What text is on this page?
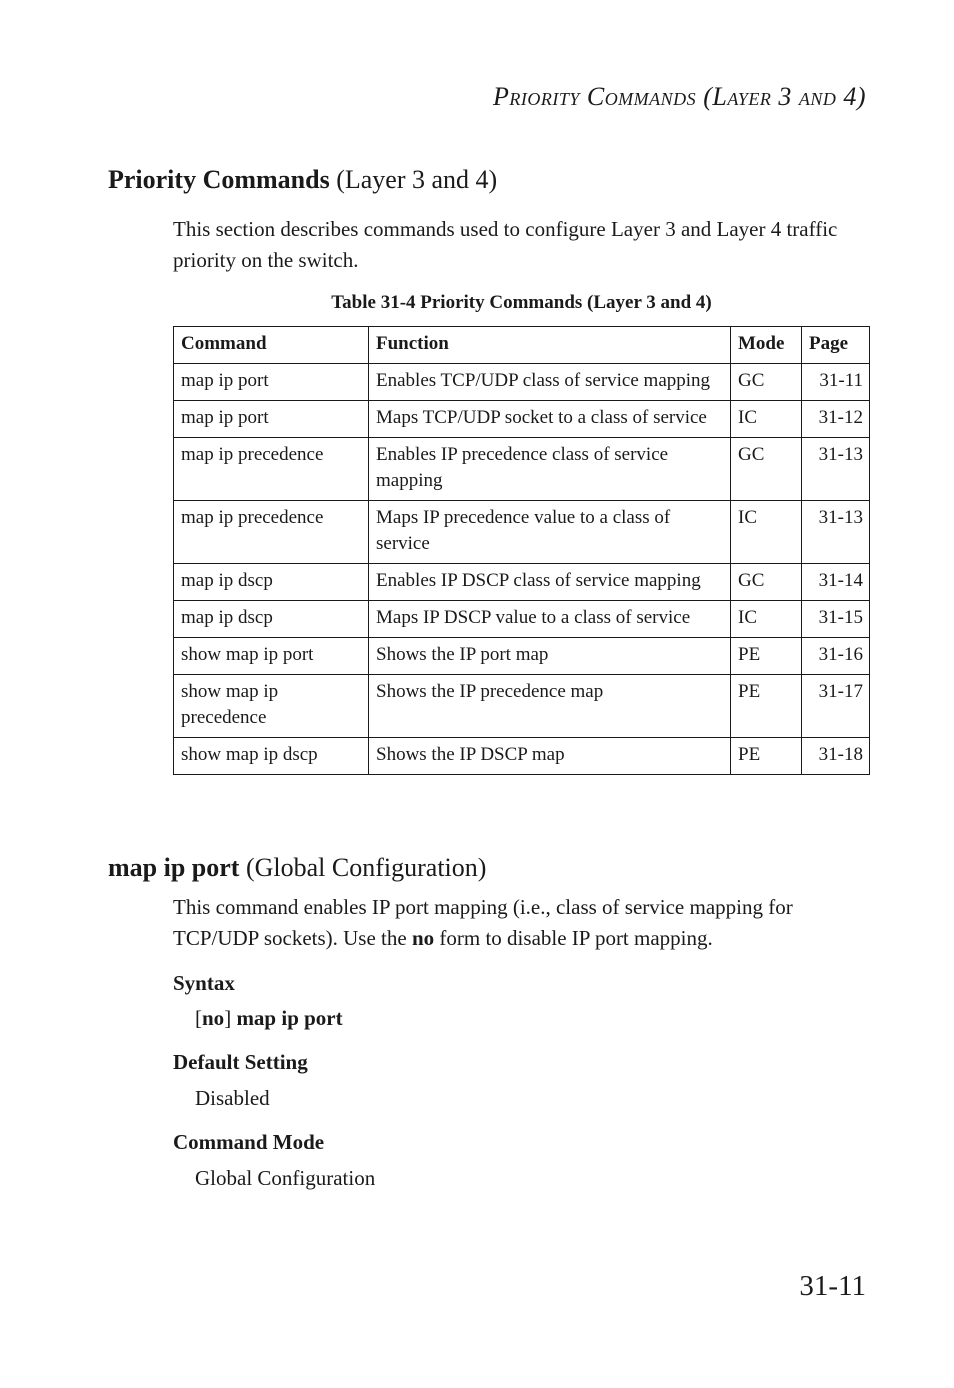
Priority Commands (Layer 3 and 4)
Priority Commands (Layer 3 and 4)

This section describes commands used to configure Layer 3 and Layer 4 traffic priority on the switch.

Table 31-4 Priority Commands (Layer 3 and 4)

Command	Function	Mode	Page
map ip port	Enables TCP/UDP class of service mapping	GC	31-11
map ip port	Maps TCP/UDP socket to a class of service	IC	31-12
map ip precedence	Enables IP precedence class of service mapping	GC	31-13
map ip precedence	Maps IP precedence value to a class of service	IC	31-13
map ip dscp	Enables IP DSCP class of service mapping	GC	31-14
map ip dscp	Maps IP DSCP value to a class of service	IC	31-15
show map ip port	Shows the IP port map	PE	31-16
show map ip precedence	Shows the IP precedence map	PE	31-17
show map ip dscp	Shows the IP DSCP map	PE	31-18
map ip port (Global Configuration)

This command enables IP port mapping (i.e., class of service mapping for TCP/UDP sockets). Use the no form to disable IP port mapping.

Syntax

[no] map ip port

Default Setting

Disabled

Command Mode

Global Configuration

31-11
